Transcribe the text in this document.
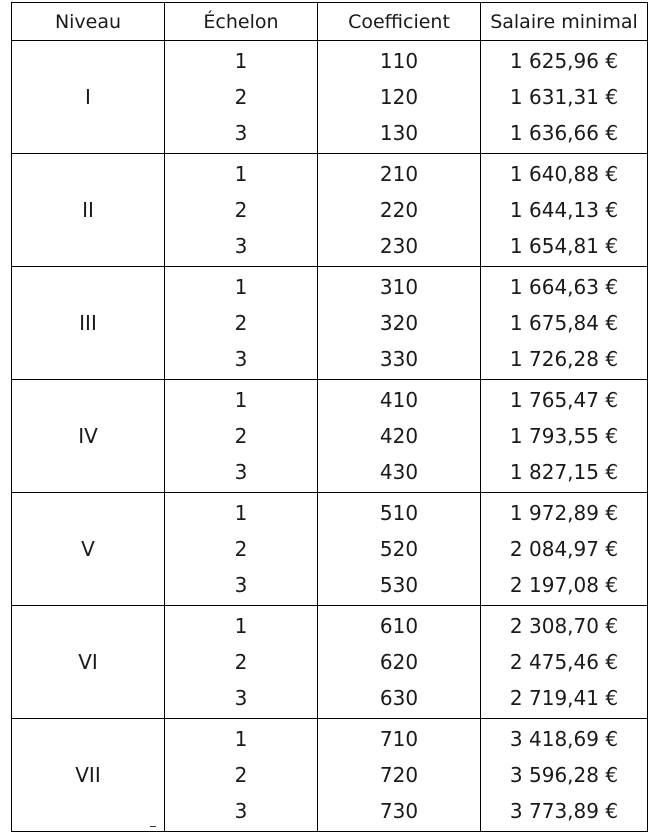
Niveau	Échelon	Coefficient	Salaire minimal
I	1	110	1 625,96 €
	2	120	1 631,31 €
	3	130	1 636,66 €
II	1	210	1 640,88 €
	2	220	1 644,13 €
	3	230	1 654,81 €
III	1	310	1 664,63 €
	2	320	1 675,84 €
	3	330	1 726,28 €
IV	1	410	1 765,47 €
	2	420	1 793,55 €
	3	430	1 827,15 €
V	1	510	1 972,89 €
	2	520	2 084,97 €
	3	530	2 197,08 €
VI	1	610	2 308,70 €
	2	620	2 475,46 €
	3	630	2 719,41 €
VII	1	710	3 418,69 €
	2	720	3 596,28 €
	3	730	3 773,89 €
